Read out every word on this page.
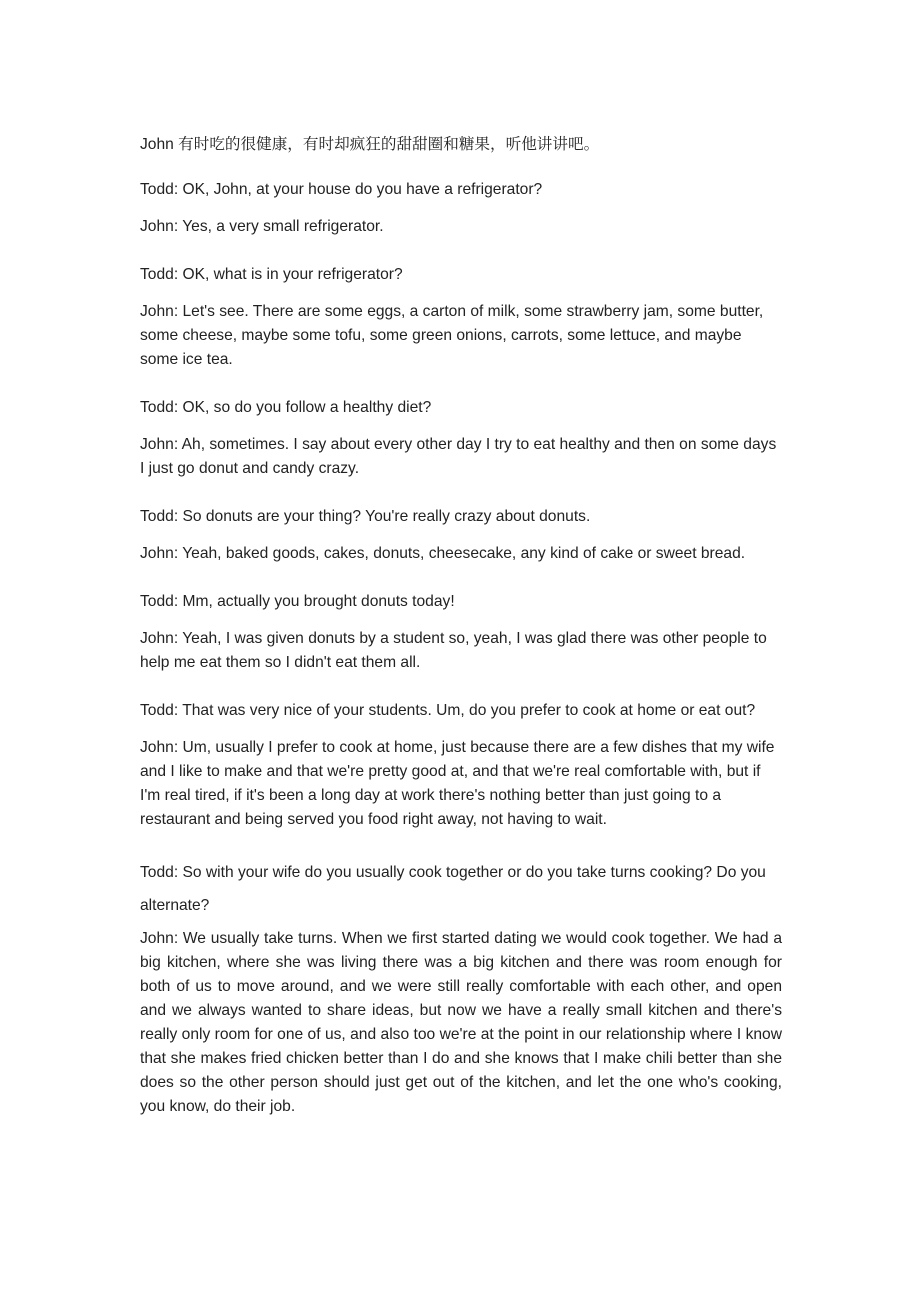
John 有时吃的很健康，有时却疯狂的甜甜圈和糖果，听他讲讲吧。

Todd: OK, John, at your house do you have a refrigerator?

John: Yes, a very small refrigerator.

Todd: OK, what is in your refrigerator?

John: Let's see. There are some eggs, a carton of milk, some strawberry jam, some butter, some cheese, maybe some tofu, some green onions, carrots, some lettuce, and maybe some ice tea.

Todd: OK, so do you follow a healthy diet?

John: Ah, sometimes. I say about every other day I try to eat healthy and then on some days I just go donut and candy crazy.

Todd: So donuts are your thing? You're really crazy about donuts.

John: Yeah, baked goods, cakes, donuts, cheesecake, any kind of cake or sweet bread.

Todd: Mm, actually you brought donuts today!

John: Yeah, I was given donuts by a student so, yeah, I was glad there was other people to help me eat them so I didn't eat them all.

Todd: That was very nice of your students. Um, do you prefer to cook at home or eat out?

John: Um, usually I prefer to cook at home, just because there are a few dishes that my wife and I like to make and that we're pretty good at, and that we're real comfortable with, but if I'm real tired, if it's been a long day at work there's nothing better than just going to a restaurant and being served you food right away, not having to wait.

Todd: So with your wife do you usually cook together or do you take turns cooking? Do you alternate?

John: We usually take turns. When we first started dating we would cook together. We had a big kitchen, where she was living there was a big kitchen and there was room enough for both of us to move around, and we were still really comfortable with each other, and open and we always wanted to share ideas, but now we have a really small kitchen and there's really only room for one of us, and also too we're at the point in our relationship where I know that she makes fried chicken better than I do and she knows that I make chili better than she does so the other person should just get out of the kitchen, and let the one who's cooking, you know, do their job.
